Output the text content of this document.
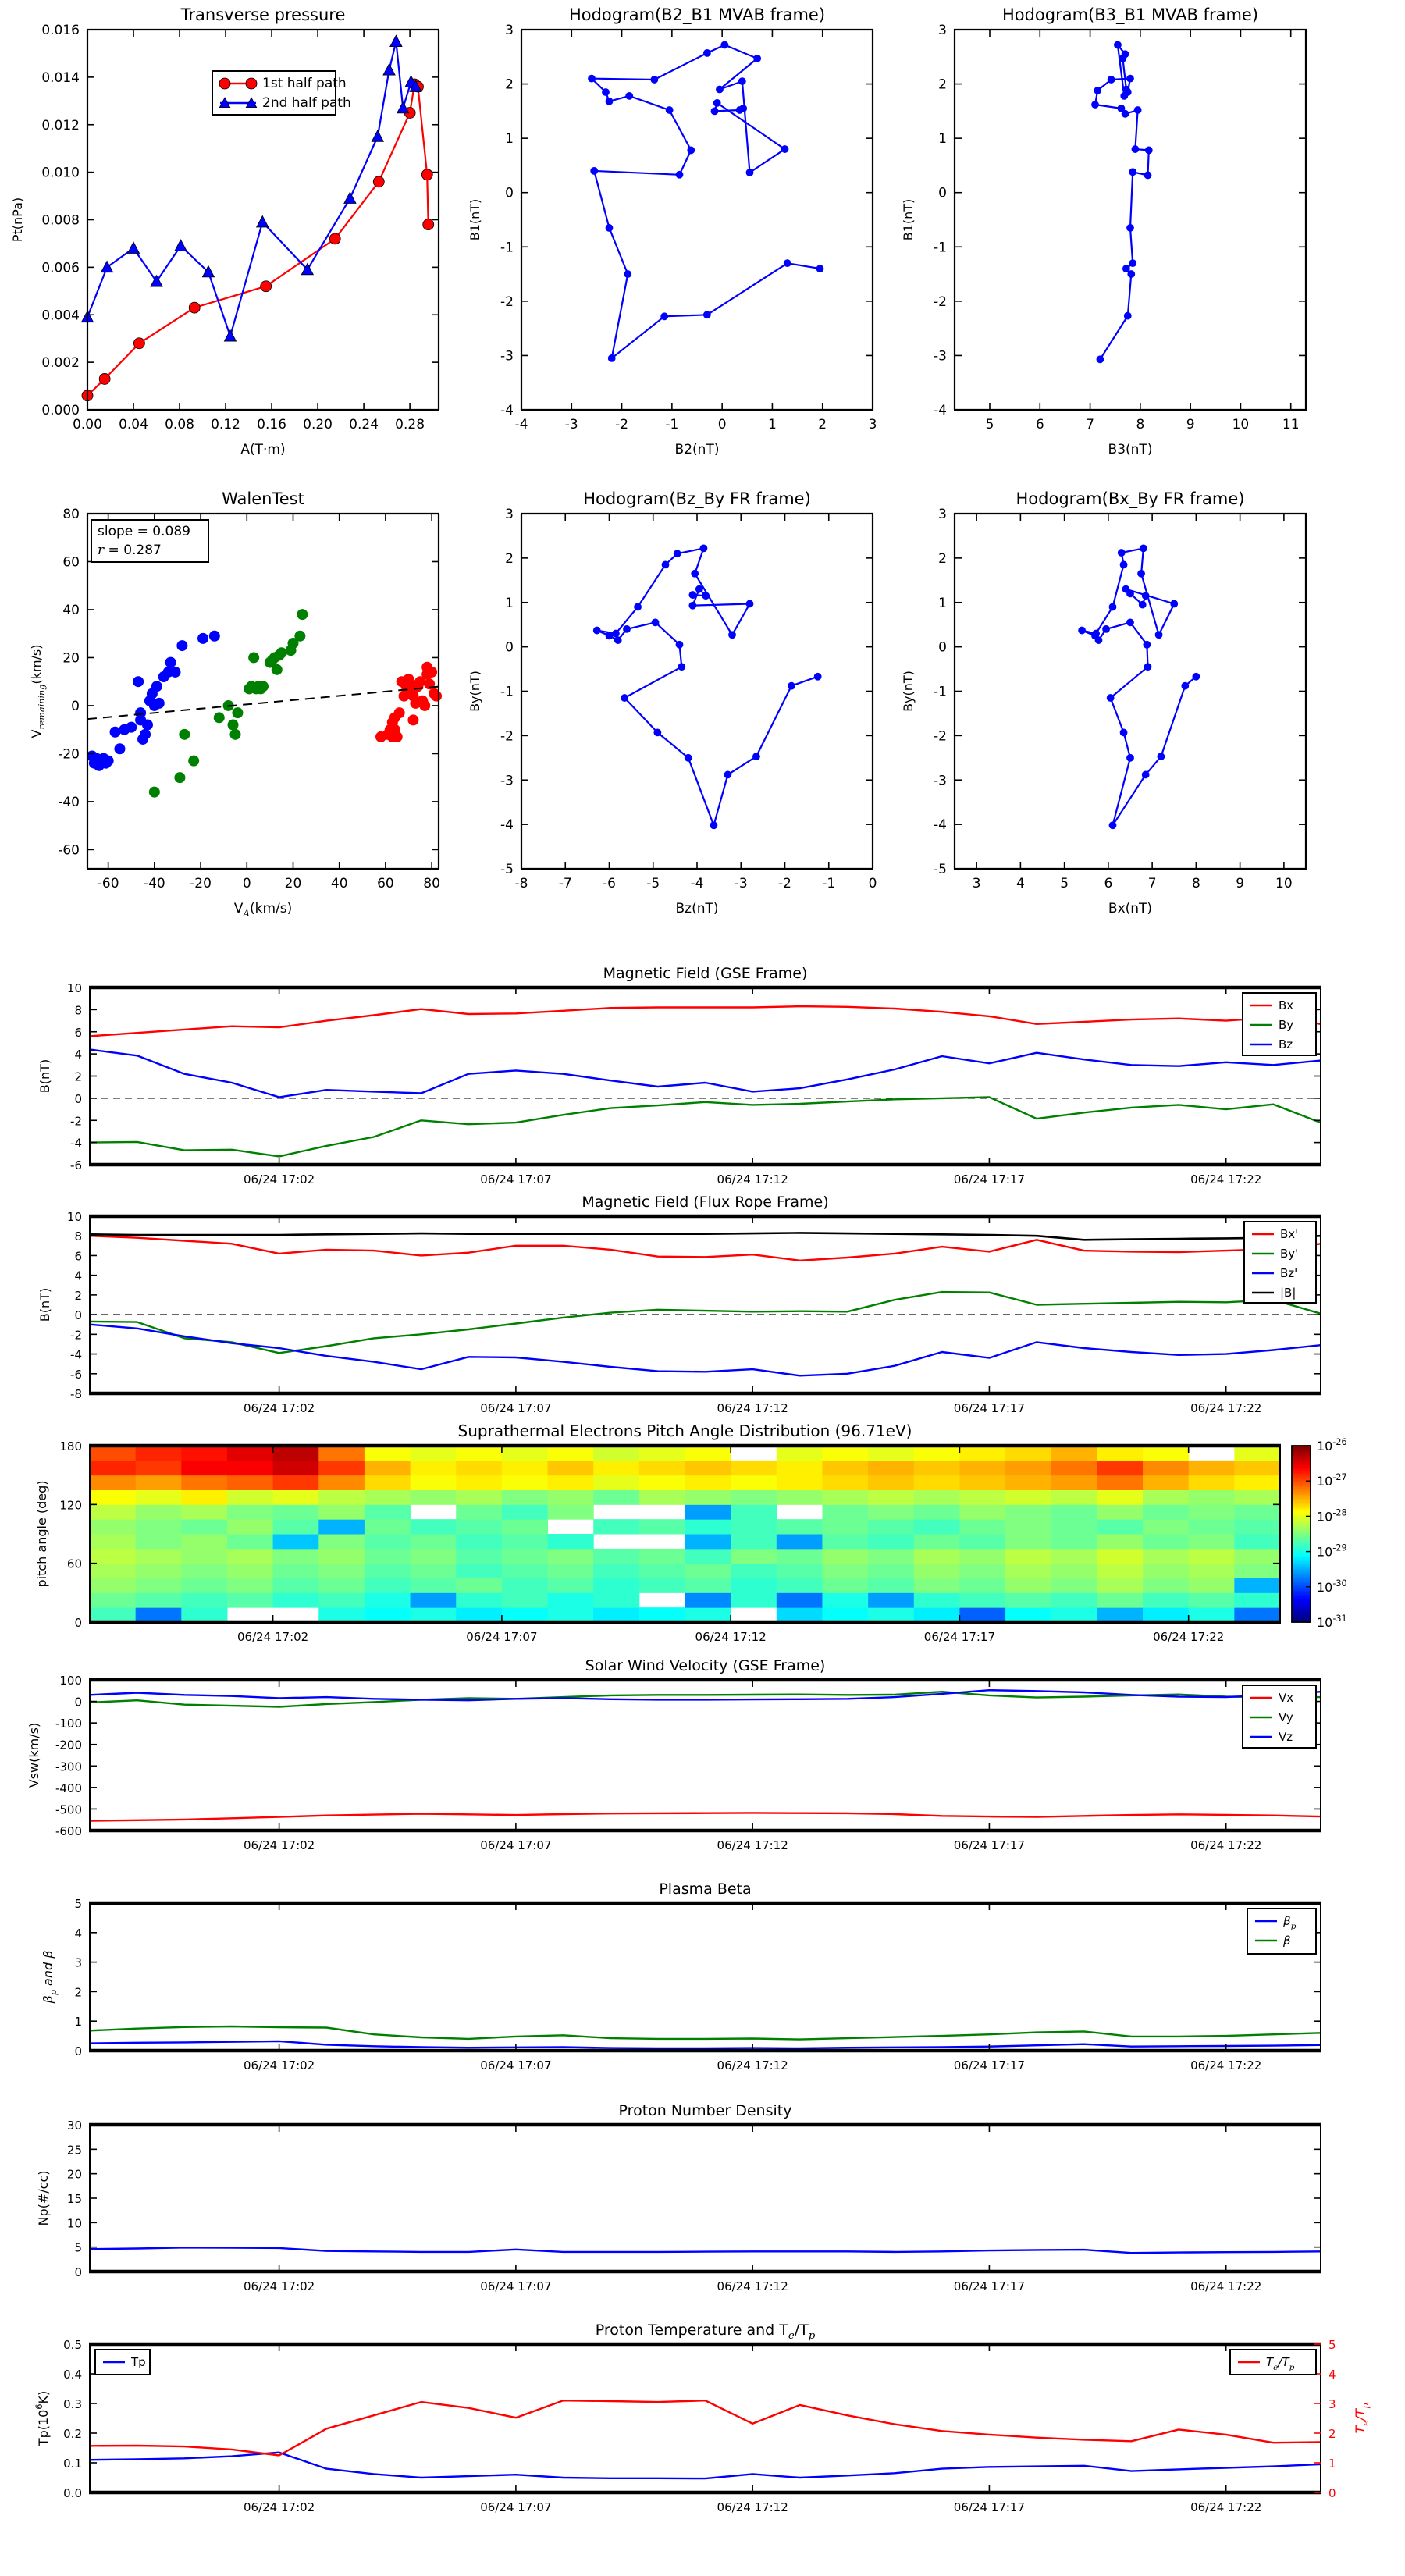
0.00 0.04 0.08 0.12 0.16 0.20 0.24 0.28
0.000
0.002
0.004
0.006
0.008
0.010
0.012
0.014
0.016
Transverse pressure
A(T·m)
Pt(nPa)
1st half path
2nd half path
-4	-3	-2	-1	0	1	2	3
-4
-3
-2
-1
0
1
2
3
Hodogram(B2_B1 MVAB frame)
B2(nT)
B1(nT)
5	6	7	8	9	10	11
-4
-3
-2
-1
0
1
2
3
Hodogram(B3_B1 MVAB frame)
B3(nT)
B1(nT)
-60 -40 -20 0	20 40 60 80
-60
-40
-20
0
20
40
60
80
WalenTest
$V_A(km/s)$
$V_{remaining}(km/s)$
slope = 0.089
r = 0.287
-8 -7 -6 -5 -4 -3 -2 -1 0
-5
-4
-3
-2
-1
0
1
2
3
Hodogram(Bz_By FR frame)
Bz(nT)
By(nT)
3	4	5	6	7	8	9 10
-5
-4
-3
-2
-1
0
1
2
3
Hodogram(Bx_By FR frame)
Bx(nT)
By(nT)
06/24 17:02	06/24 17:07	06/24 17:12	06/24 17:17	06/24 17:22
-6
-4
-2
0
2
4
6
8
10
Magnetic Field (GSE Frame)
B(nT)
Bx
By
Bz
06/24 17:02	06/24 17:07	06/24 17:12	06/24 17:17	06/24 17:22
-8
-6
-4
-2
0
2
4
6
8
10
Magnetic Field (Flux Rope Frame)
B(nT)
Bx'
By'
Bz'
|B|
06/24 17:02	06/24 17:07	06/24 17:12	06/24 17:17	06/24 17:22
0
60
120
180
Suprathermal Electrons Pitch Angle Distribution (96.71eV)
pitch angle (deg)
$10^{-26}$
$10^{-27}$
$10^{-28}$
$10^{-29}$
$10^{-30}$
$10^{-31}$
06/24 17:02	06/24 17:07	06/24 17:12	06/24 17:17	06/24 17:22
-600
-500
-400
-300
-200
-100
0
100
Solar Wind Velocity (GSE Frame)
Vsw(km/s)
Vx
Vy
Vz
06/24 17:02	06/24 17:07	06/24 17:12	06/24 17:17	06/24 17:22
0
1
2
3
4
5
Plasma Beta
$\beta_p$ and β
$\beta_p$
β
06/24 17:02	06/24 17:07	06/24 17:12	06/24 17:17	06/24 17:22
0
5
10
15
20
25
30
Proton Number Density
Np(#/cc)
06/24 17:02	06/24 17:07	06/24 17:12	06/24 17:17	06/24 17:22
0.0
0.1
0.2
0.3
0.4
0.5
0
1
2
3
4
5
$T_e/T_p$
Proton Temperature and $T_e/T_p$
$Tp(10^6K)$
Tp	$T_e/T_p$
